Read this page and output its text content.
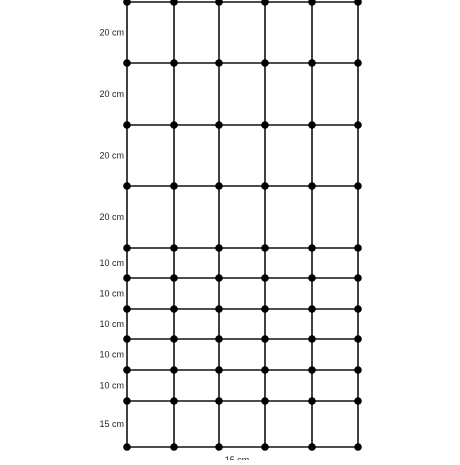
20 cm
20 cm
20 cm
20 cm
10 cm
10 cm
10 cm
10 cm
10 cm
15 cm
15 cm
